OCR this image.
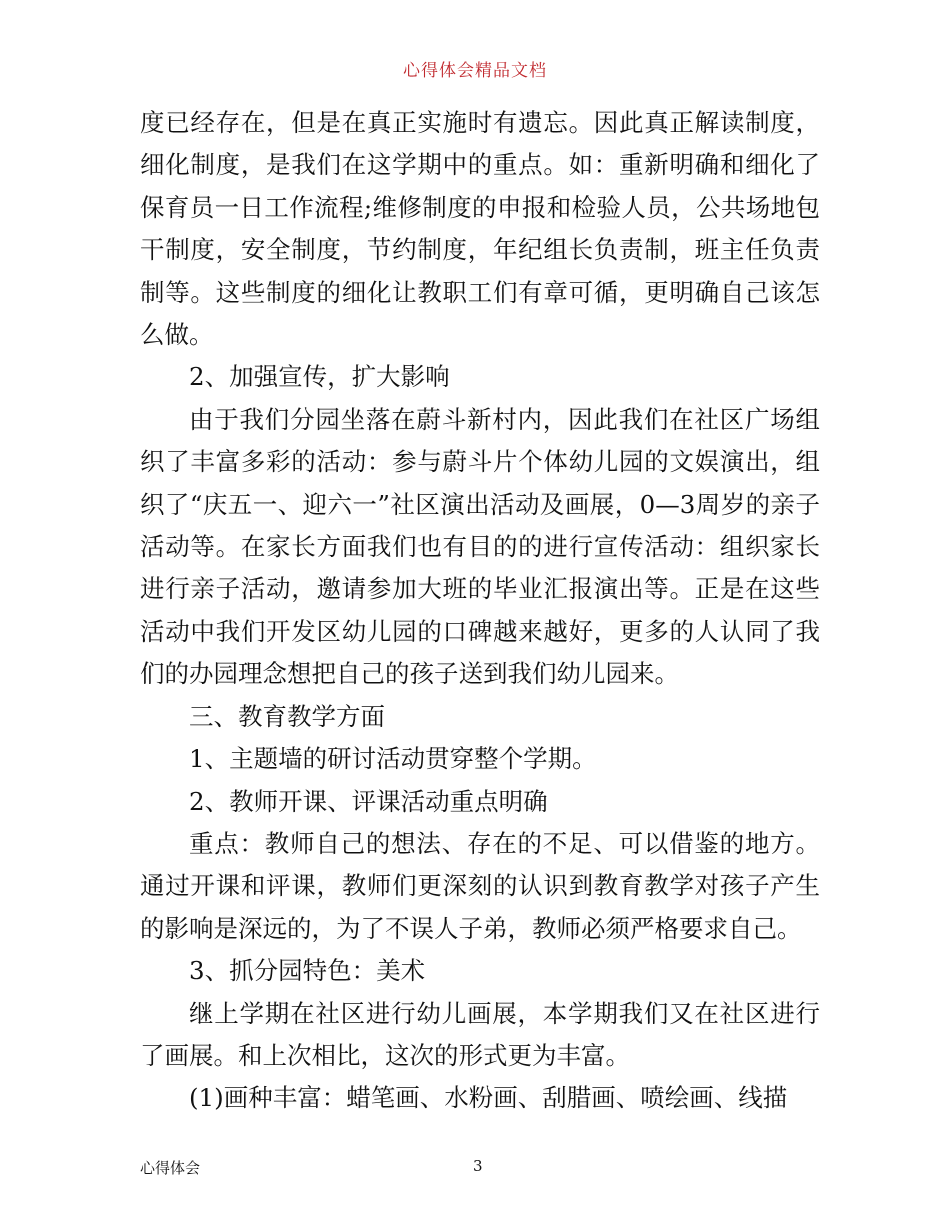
心得体会精品文档

度已经存在，但是在真正实施时有遗忘。因此真正解读制度，细化制度，是我们在这学期中的重点。如：重新明确和细化了保育员一日工作流程;维修制度的申报和检验人员，公共场地包干制度，安全制度，节约制度，年纪组长负责制，班主任负责制等。这些制度的细化让教职工们有章可循，更明确自己该怎么做。

2、加强宣传，扩大影响

由于我们分园坐落在蔚斗新村内，因此我们在社区广场组织了丰富多彩的活动：参与蔚斗片个体幼儿园的文娱演出，组织了“庆五一、迎六一”社区演出活动及画展，0—3周岁的亲子活动等。在家长方面我们也有目的的进行宣传活动：组织家长进行亲子活动，邀请参加大班的毕业汇报演出等。正是在这些活动中我们开发区幼儿园的口碑越来越好，更多的人认同了我们的办园理念想把自己的孩子送到我们幼儿园来。

三、教育教学方面

1、主题墙的研讨活动贯穿整个学期。

2、教师开课、评课活动重点明确

重点：教师自己的想法、存在的不足、可以借鉴的地方。通过开课和评课，教师们更深刻的认识到教育教学对孩子产生的影响是深远的，为了不误人子弟，教师必须严格要求自己。

3、抓分园特色：美术

继上学期在社区进行幼儿画展，本学期我们又在社区进行了画展。和上次相比，这次的形式更为丰富。

(1)画种丰富：蜡笔画、水粉画、刮腊画、喷绘画、线描

心得体会	3
